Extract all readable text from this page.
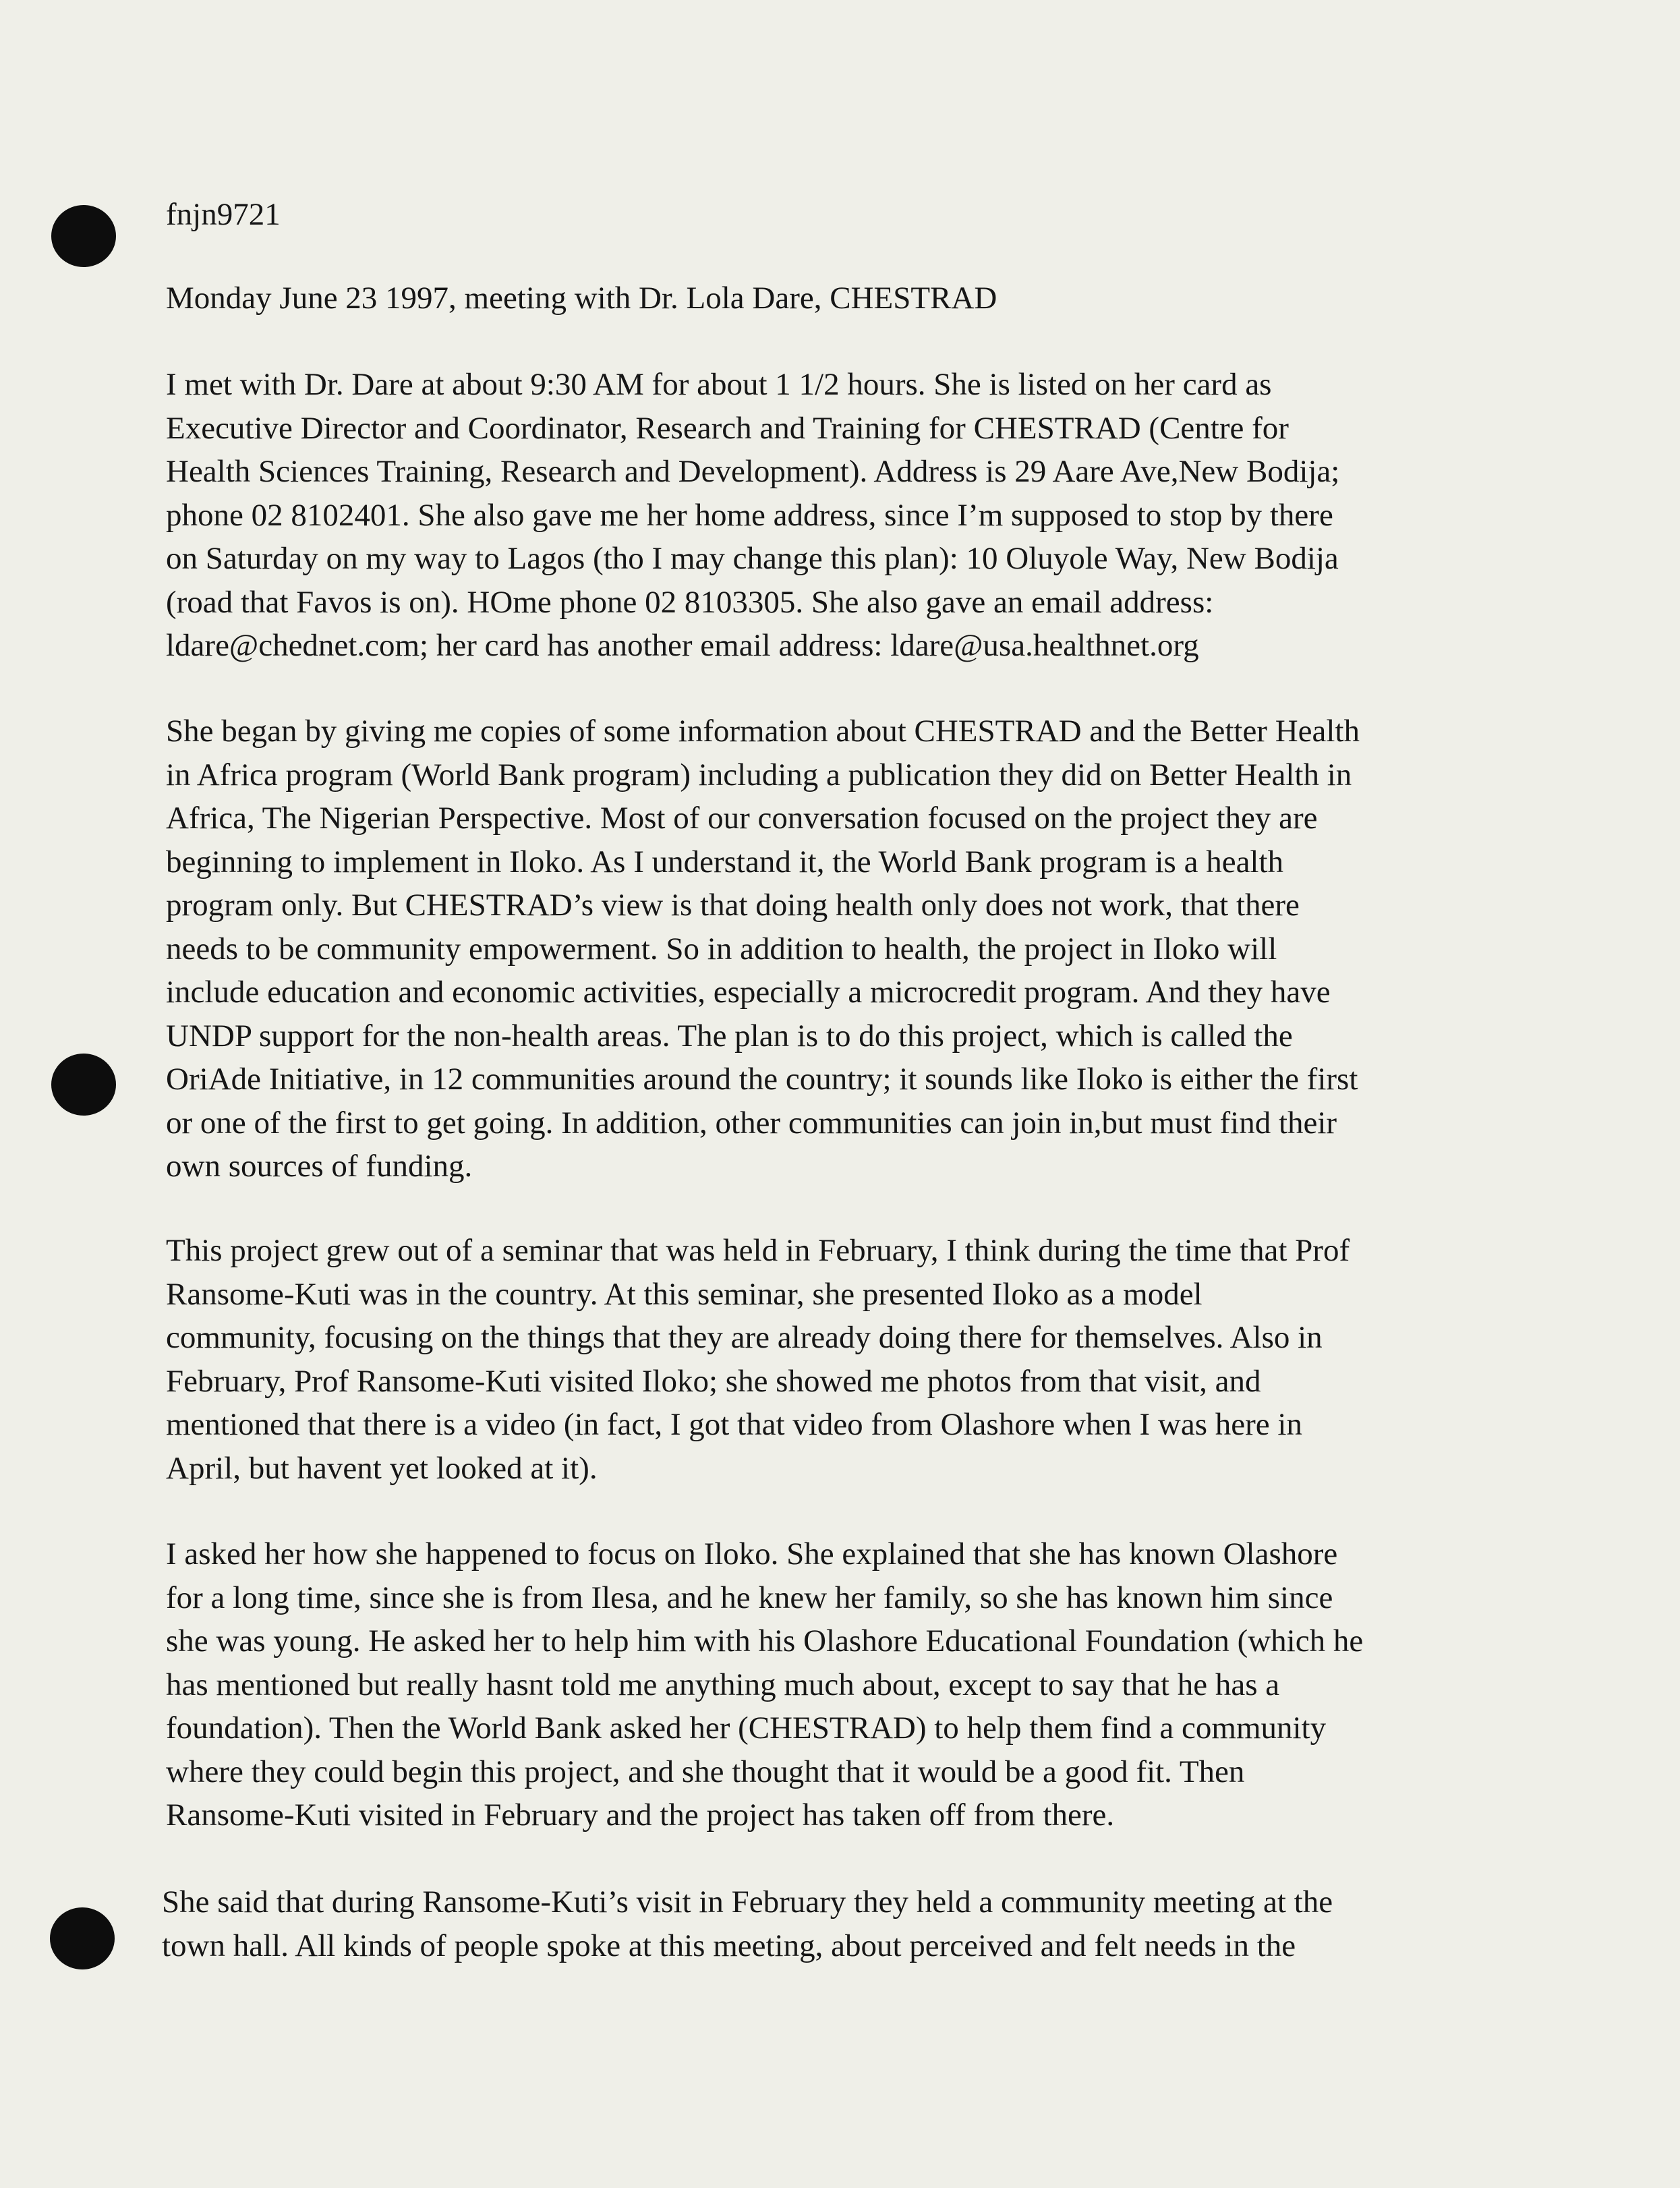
fnjn9721
Monday June 23 1997, meeting with Dr. Lola Dare, CHESTRAD

I met with Dr. Dare at about 9:30 AM for about 1 1/2 hours. She is listed on her card as
Executive Director and Coordinator, Research and Training for CHESTRAD (Centre for
Health Sciences Training, Research and Development). Address is 29 Aare Ave,New Bodija;
phone 02 8102401. She also gave me her home address, since I’m supposed to stop by there
on Saturday on my way to Lagos (tho I may change this plan): 10 Oluyole Way, New Bodija
(road that Favos is on). HOme phone 02 8103305. She also gave an email address:
ldare@chednet.com; her card has another email address: ldare@usa.healthnet.org

She began by giving me copies of some information about CHESTRAD and the Better Health
in Africa program (World Bank program) including a publication they did on Better Health in
Africa, The Nigerian Perspective. Most of our conversation focused on the project they are
beginning to implement in Iloko. As I understand it, the World Bank program is a health
program only. But CHESTRAD’s view is that doing health only does not work, that there
needs to be community empowerment. So in addition to health, the project in Iloko will
include education and economic activities, especially a microcredit program. And they have
UNDP support for the non-health areas. The plan is to do this project, which is called the
OriAde Initiative, in 12 communities around the country; it sounds like Iloko is either the first
or one of the first to get going. In addition, other communities can join in,but must find their
own sources of funding.

This project grew out of a seminar that was held in February, I think during the time that Prof
Ransome-Kuti was in the country. At this seminar, she presented Iloko as a model
community, focusing on the things that they are already doing there for themselves. Also in
February, Prof Ransome-Kuti visited Iloko; she showed me photos from that visit, and
mentioned that there is a video (in fact, I got that video from Olashore when I was here in
April, but havent yet looked at it).

I asked her how she happened to focus on Iloko. She explained that she has known Olashore
for a long time, since she is from Ilesa, and he knew her family, so she has known him since
she was young. He asked her to help him with his Olashore Educational Foundation (which he
has mentioned but really hasnt told me anything much about, except to say that he has a
foundation). Then the World Bank asked her (CHESTRAD) to help them find a community
where they could begin this project, and she thought that it would be a good fit. Then
Ransome-Kuti visited in February and the project has taken off from there.

She said that during Ransome-Kuti’s visit in February they held a community meeting at the
town hall. All kinds of people spoke at this meeting, about perceived and felt needs in the
